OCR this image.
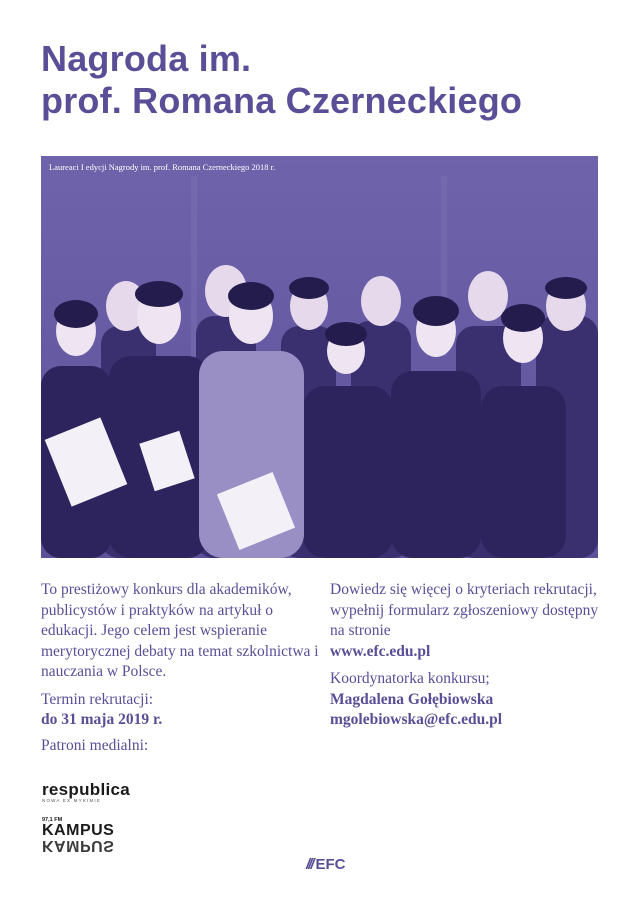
Nagroda im.
prof. Romana Czerneckiego
Laureaci I edycji Nagrody im. prof. Romana Czerneckiego 2018 r.

To prestiżowy konkurs dla akademików, publicystów i praktyków na artykuł o edukacji. Jego celem jest wspieranie merytorycznej debaty na temat szkolnictwa i nauczania w Polsce.

Termin rekrutacji:
do 31 maja 2019 r.

Patroni medialni:

Dowiedz się więcej o kryteriach rekrutacji, wypełnij formularz zgłoszeniowy dostępny na stronie
www.efc.edu.pl

Koordynatorka konkursu;
Magdalena Gołębiowska
mgolebiowska@efc.edu.pl

respublica
NOWA EX MYKIMIE
97,1 FM
KAMPUS
KAMPUS
/// EFC
